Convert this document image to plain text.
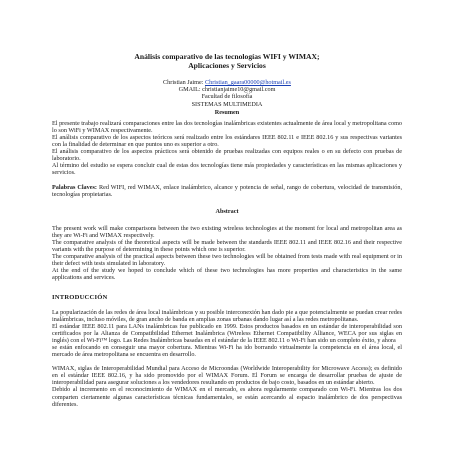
Análisis comparativo de las tecnologías WIFI y WIMAX;

Aplicaciones y Servicios

Christian Jaime: Christian_gaara00000@hotmail.es
GMAIL: christianjaime10@gmail.com
Facultad de filosofía
SISTEMAS MULTIMEDIA
Resumen

El presente trabajo realizará comparaciones entre las dos tecnologías inalámbricas existentes actualmente de área local y metropolitana como lo son WiFi y WIMAX respectivamente.

El análisis comparativo de los aspectos teóricos será realizado entre los estándares IEEE 802.11 e IEEE 802.16 y sus respectivas variantes con la finalidad de determinar en que puntos uno es superior a otro.

El análisis comparativo de los aspectos prácticos será obtenido de pruebas realizadas con equipos reales o en su defecto con pruebas de laboratorio.

Al término del estudio se espera concluir cual de estas dos tecnologías tiene más propiedades y características en las mismas aplicaciones y servicios.

Palabras Claves: Red WIFI, red WIMAX, enlace inalámbrico, alcance y potencia de señal, rango de cobertura, velocidad de transmisión, tecnologías propietarias.

Abstract

The present work will make comparisons between the two existing wireless technologies at the moment for local and metropolitan area as they are Wi-Fi and WIMAX respectively.

The comparative analysis of the theoretical aspects will be made between the standards IEEE 802.11 and IEEE 802.16 and their respective variants with the purpose of determining in these points which one is superior.

The comparative analysis of the practical aspects between these two technologies will be obtained from tests made with real equipment or in their defect with tests simulated in laboratory.

At the end of the study we hoped to conclude which of these two technologies has more properties and characteristics in the same applications and services.

INTRODUCCIÓN

La popularización de las redes de área local inalámbricas y su posible interconexión han dado pie a que potencialmente se puedan crear redes inalámbricas, incluso móviles, de gran ancho de banda en amplias zonas urbanas dando lugar así a las redes metropolitanas.

El estándar IEEE 802.11 para LANs inalámbricas fue publicado en 1999. Estos productos basados en un estándar de interoperabilidad son certificados por la Alianza de Compatibilidad Ethernet Inalámbrica (Wireless Ethernet Compatibility Alliance, WECA por sus siglas en inglés) con el Wi-Fi™ logo. Las Redes Inalámbricas basadas en el estándar de la IEEE 802.11 o Wi-Fi han sido un completo éxito, y ahora

se están enfocando en conseguir una mayor cobertura. Mientras Wi-Fi ha ido borrando virtualmente la competencia en el área local, el mercado de área metropolitana se encuentra en desarrollo.

WIMAX, siglas de Interoperabilidad Mundial para Acceso de Microondas (Worldwide Interoperability for Microwave Access); es definido en el estándar IEEE 802.16, y ha sido promovido por el WIMAX Forum. El Forum se encarga de desarrollar pruebas de ajuste de interoperabilidad para asegurar soluciones a los vendedores resultando en productos de bajo costo, basados en un estándar abierto.

Debido al incremento en el reconocimiento de WIMAX en el mercado, es ahora regularmente comparado con Wi-Fi. Mientras los dos comparten ciertamente algunas características técnicas fundamentales, se están acercando al espacio inalámbrico de dos perspectivas diferentes.
